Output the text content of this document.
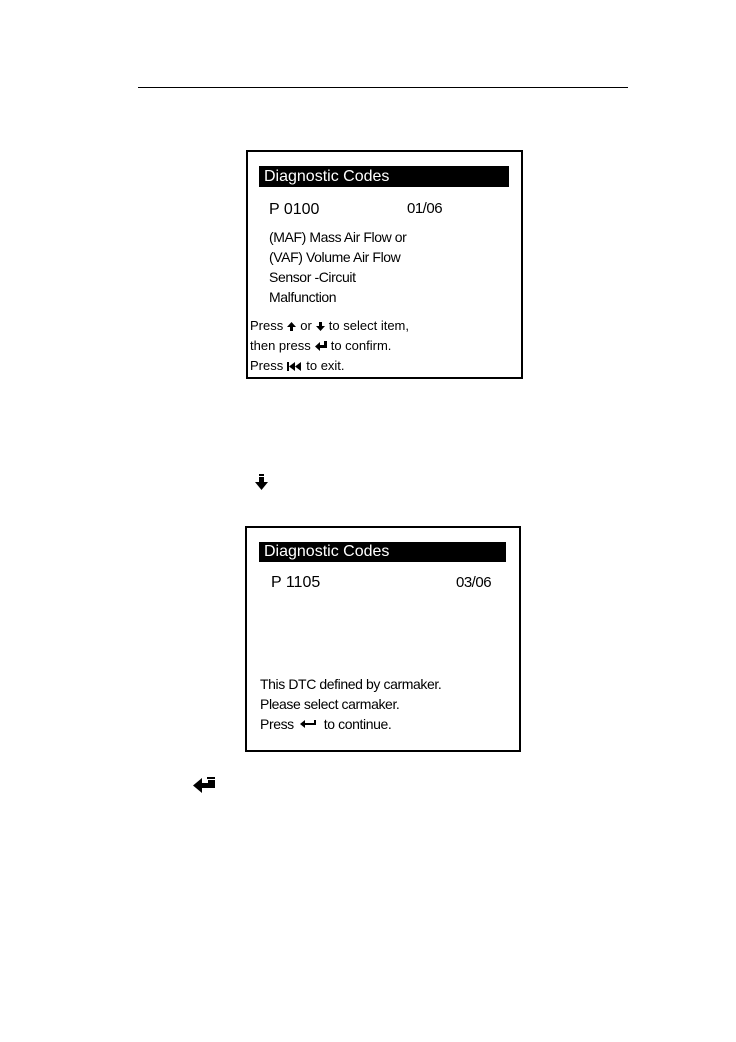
Diagnostic Codes
P 0100	01/06
(MAF) Mass Air Flow or
(VAF) Volume Air Flow
Sensor -Circuit
Malfunction
Press or to select item,
then press to confirm.
Press to exit.
Diagnostic Codes
P 1105	03/06
This DTC defined by carmaker.
Please select carmaker.
Press to continue.
